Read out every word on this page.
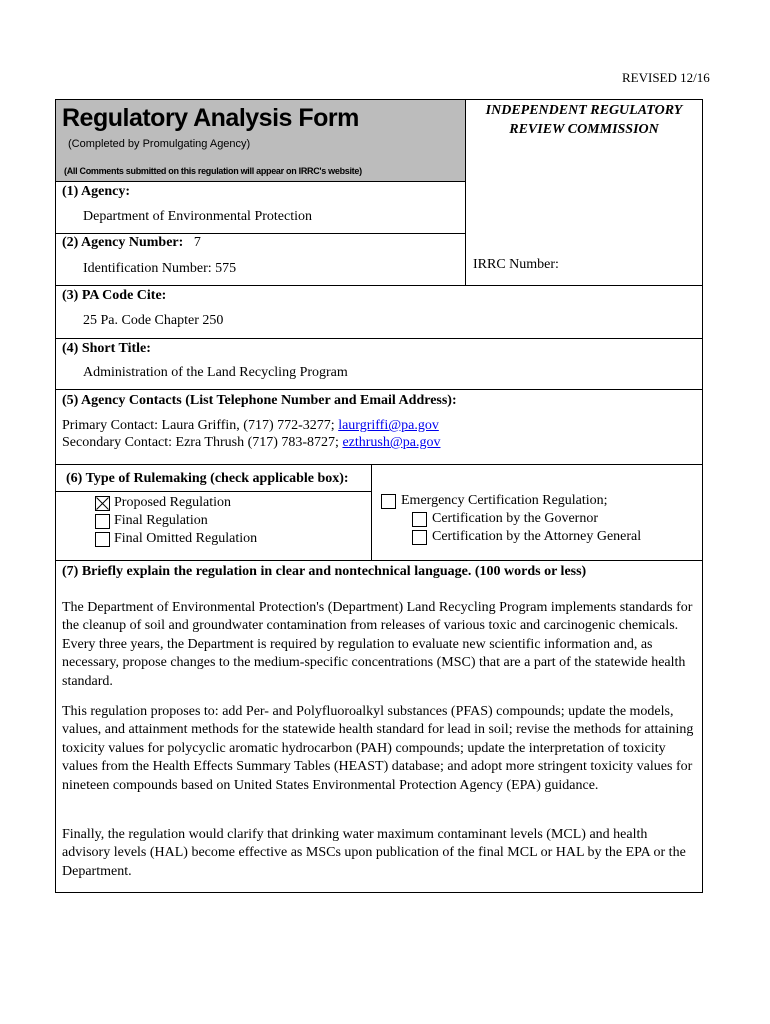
REVISED 12/16
Regulatory Analysis Form
(Completed by Promulgating Agency)
(All Comments submitted on this regulation will appear on IRRC's website)
INDEPENDENT REGULATORY
REVIEW COMMISSION
IRRC Number:
(1) Agency:
Department of Environmental Protection
(2) Agency Number: 7
Identification Number: 575
(3) PA Code Cite:
25 Pa. Code Chapter 250
(4) Short Title:
Administration of the Land Recycling Program
(5) Agency Contacts (List Telephone Number and Email Address):
Primary Contact: Laura Griffin, (717) 772-3277; laurgriffi@pa.gov
Secondary Contact: Ezra Thrush (717) 783-8727; ezthrush@pa.gov
(6) Type of Rulemaking (check applicable box):
Proposed Regulation
Final Regulation
Final Omitted Regulation
Emergency Certification Regulation;
Certification by the Governor
Certification by the Attorney General
(7) Briefly explain the regulation in clear and nontechnical language. (100 words or less)

The Department of Environmental Protection's (Department) Land Recycling Program implements standards for the cleanup of soil and groundwater contamination from releases of various toxic and carcinogenic chemicals. Every three years, the Department is required by regulation to evaluate new scientific information and, as necessary, propose changes to the medium-specific concentrations (MSC) that are a part of the statewide health standard.

This regulation proposes to: add Per- and Polyfluoroalkyl substances (PFAS) compounds; update the models, values, and attainment methods for the statewide health standard for lead in soil; revise the methods for attaining toxicity values for polycyclic aromatic hydrocarbon (PAH) compounds; update the interpretation of toxicity values from the Health Effects Summary Tables (HEAST) database; and adopt more stringent toxicity values for nineteen compounds based on United States Environmental Protection Agency (EPA) guidance.

Finally, the regulation would clarify that drinking water maximum contaminant levels (MCL) and health advisory levels (HAL) become effective as MSCs upon publication of the final MCL or HAL by the EPA or the Department.
